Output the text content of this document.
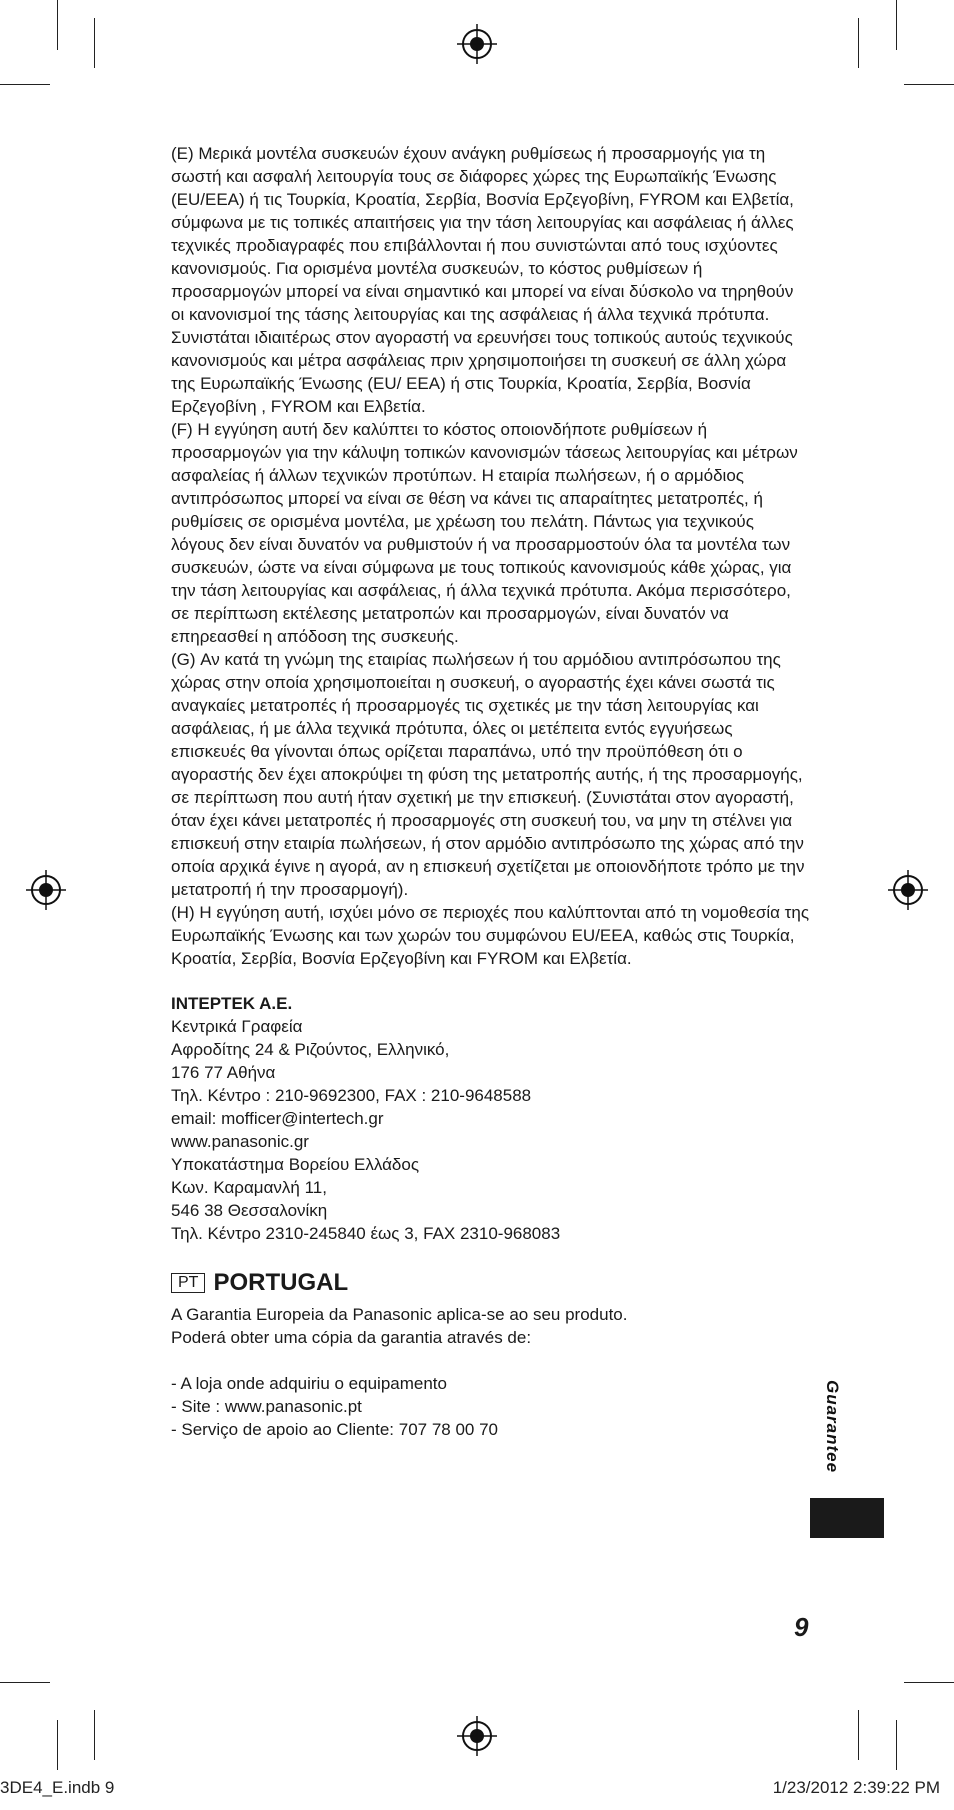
(E) Μερικά μοντέλα συσκευών έχουν ανάγκη ρυθμίσεως ή προσαρμογής για τη σωστή και ασφαλή λειτουργία τους σε διάφορες χώρες της Ευρωπαϊκής Ένωσης (EU/EEA) ή τις Τουρκία, Κροατία, Σερβία, Βοσνία Ερζεγοβίνη, FYROM και Ελβετία, σύμφωνα με τις τοπικές απαιτήσεις για την τάση λειτουργίας και ασφάλειας ή άλλες τεχνικές προδιαγραφές που επιβάλλονται ή που συνιστώνται από τους ισχύοντες κανονισμούς. Για ορισμένα μοντέλα συσκευών, το κόστος ρυθμίσεων ή προσαρμογών μπορεί να είναι σημαντικό και μπορεί να είναι δύσκολο να τηρηθούν οι κανονισμοί της τάσης λειτουργίας και της ασφάλειας ή άλλα τεχνικά πρότυπα. Συνιστάται ιδιαιτέρως στον αγοραστή να ερευνήσει τους τοπικούς αυτούς τεχνικούς κανονισμούς και μέτρα ασφάλειας πριν χρησιμοποιήσει τη συσκευή σε άλλη χώρα της Ευρωπαϊκής Ένωσης (EU/ EEA) ή στις Τουρκία, Κροατία, Σερβία, Βοσνία Ερζεγοβίνη , FYROM και Ελβετία.

(F) Η εγγύηση αυτή δεν καλύπτει το κόστος οποιονδήποτε ρυθμίσεων ή προσαρμογών για την κάλυψη τοπικών κανονισμών τάσεως λειτουργίας και μέτρων ασφαλείας ή άλλων τεχνικών προτύπων. Η εταιρία πωλήσεων, ή ο αρμόδιος αντιπρόσωπος μπορεί να είναι σε θέση να κάνει τις απαραίτητες μετατροπές, ή ρυθμίσεις σε ορισμένα μοντέλα, με χρέωση του πελάτη. Πάντως για τεχνικούς λόγους δεν είναι δυνατόν να ρυθμιστούν ή να προσαρμοστούν όλα τα μοντέλα των συσκευών, ώστε να είναι σύμφωνα με τους τοπικούς κανονισμούς κάθε χώρας, για την τάση λειτουργίας και ασφάλειας, ή άλλα τεχνικά πρότυπα. Ακόμα περισσότερο, σε περίπτωση εκτέλεσης μετατροπών και προσαρμογών, είναι δυνατόν να επηρεασθεί η απόδοση της συσκευής.

(G) Αν κατά τη γνώμη της εταιρίας πωλήσεων ή του αρμόδιου αντιπρόσωπου της χώρας στην οποία χρησιμοποιείται η συσκευή, ο αγοραστής έχει κάνει σωστά τις αναγκαίες μετατροπές ή προσαρμογές τις σχετικές με την τάση λειτουργίας και ασφάλειας, ή με άλλα τεχνικά πρότυπα, όλες οι μετέπειτα εντός εγγυήσεως επισκευές θα γίνονται όπως ορίζεται παραπάνω, υπό την προϋπόθεση ότι ο αγοραστής δεν έχει αποκρύψει τη φύση της μετατροπής αυτής, ή της προσαρμογής, σε περίπτωση που αυτή ήταν σχετική με την επισκευή. (Συνιστάται στον αγοραστή, όταν έχει κάνει μετατροπές ή προσαρμογές στη συσκευή του, να μην τη στέλνει για επισκευή στην εταιρία πωλήσεων, ή στον αρμόδιο αντιπρόσωπο της χώρας από την οποία αρχικά έγινε η αγορά, αν η επισκευή σχετίζεται με οποιονδήποτε τρόπο με την μετατροπή ή την προσαρμογή).

(H) Η εγγύηση αυτή, ισχύει μόνο σε περιοχές που καλύπτονται από τη νομοθεσία της Ευρωπαϊκής Ένωσης και των χωρών του συμφώνου EU/EEA, καθώς στις Τουρκία, Κροατία, Σερβία, Βοσνία Ερζεγοβίνη και FYROM και Ελβετία.

INTEPTEK A.E.
Κεντρικά Γραφεία
Αφροδίτης 24 & Ριζούντος, Ελληνικό,
176 77 Αθήνα
Τηλ. Κέντρο : 210-9692300, FAX : 210-9648588
email: mofficer@intertech.gr
www.panasonic.gr
Υποκατάστημα Βορείου Ελλάδος
Κων. Καραμανλή 11,
546 38 Θεσσαλονίκη
Τηλ. Κέντρο 2310-245840 έως 3, FAX 2310-968083
PT PORTUGAL
A Garantia Europeia da Panasonic aplica-se ao seu produto.
Poderá obter uma cópia da garantia através de:
- A loja onde adquiriu o equipamento
- Site : www.panasonic.pt
- Serviço de apoio ao Cliente: 707 78 00 70	Guarantee
9
3DE4_E.indb 9	1/23/2012 2:39:22 PM
